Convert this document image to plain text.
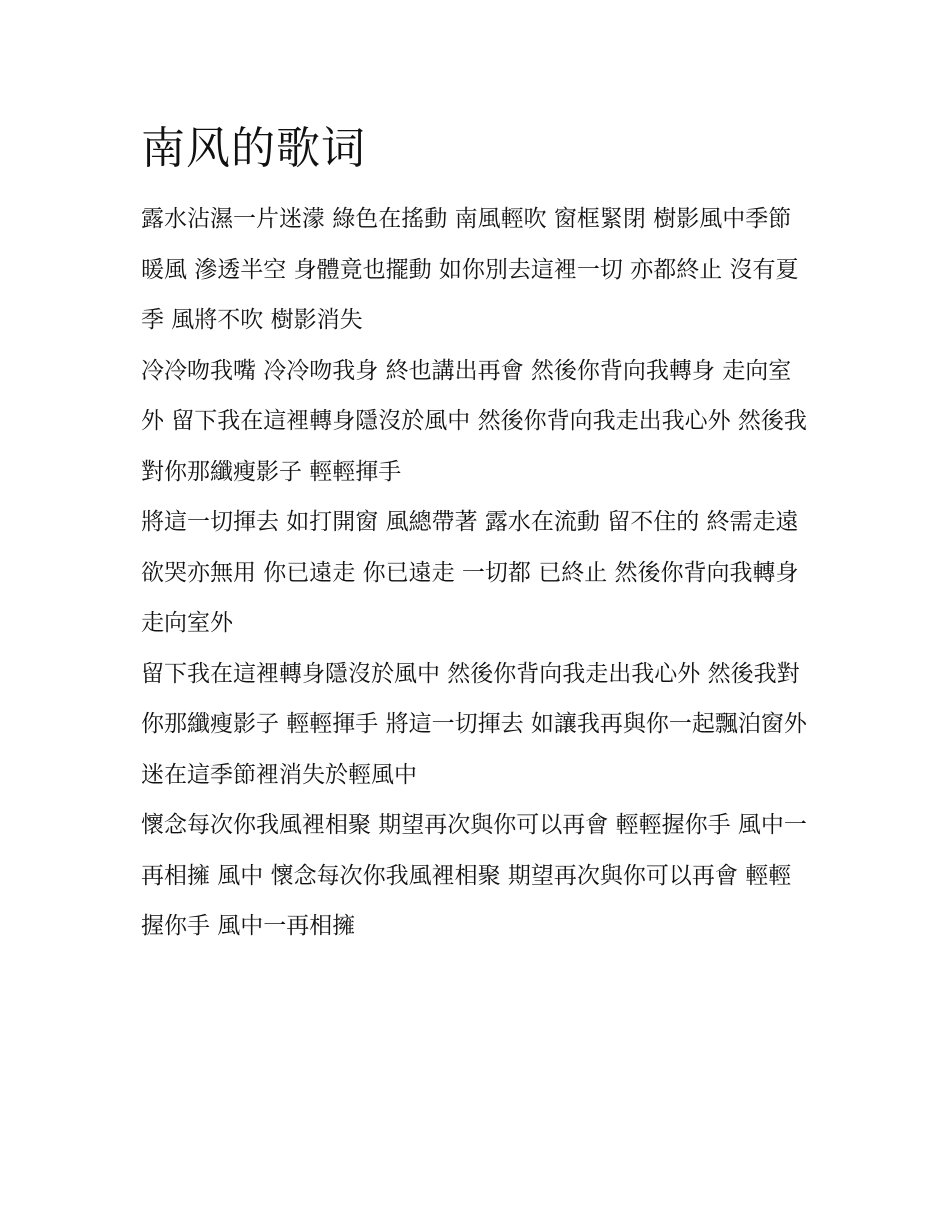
南风的歌词

露水沾濕一片迷濛 綠色在搖動 南風輕吹 窗框緊閉 樹影風中季節暖風 滲透半空 身體竟也擺動 如你別去這裡一切 亦都終止 沒有夏季 風將不吹 樹影消失

冷冷吻我嘴 冷冷吻我身 終也講出再會 然後你背向我轉身 走向室外 留下我在這裡轉身隱沒於風中 然後你背向我走出我心外 然後我對你那纖瘦影子 輕輕揮手

將這一切揮去 如打開窗 風總帶著 露水在流動 留不住的 終需走遠 欲哭亦無用 你已遠走 你已遠走 一切都 已終止 然後你背向我轉身 走向室外

留下我在這裡轉身隱沒於風中 然後你背向我走出我心外 然後我對你那纖瘦影子 輕輕揮手 將這一切揮去 如讓我再與你一起飄泊窗外 迷在這季節裡消失於輕風中

懷念每次你我風裡相聚 期望再次與你可以再會 輕輕握你手 風中一再相擁 風中 懷念每次你我風裡相聚 期望再次與你可以再會 輕輕握你手 風中一再相擁
